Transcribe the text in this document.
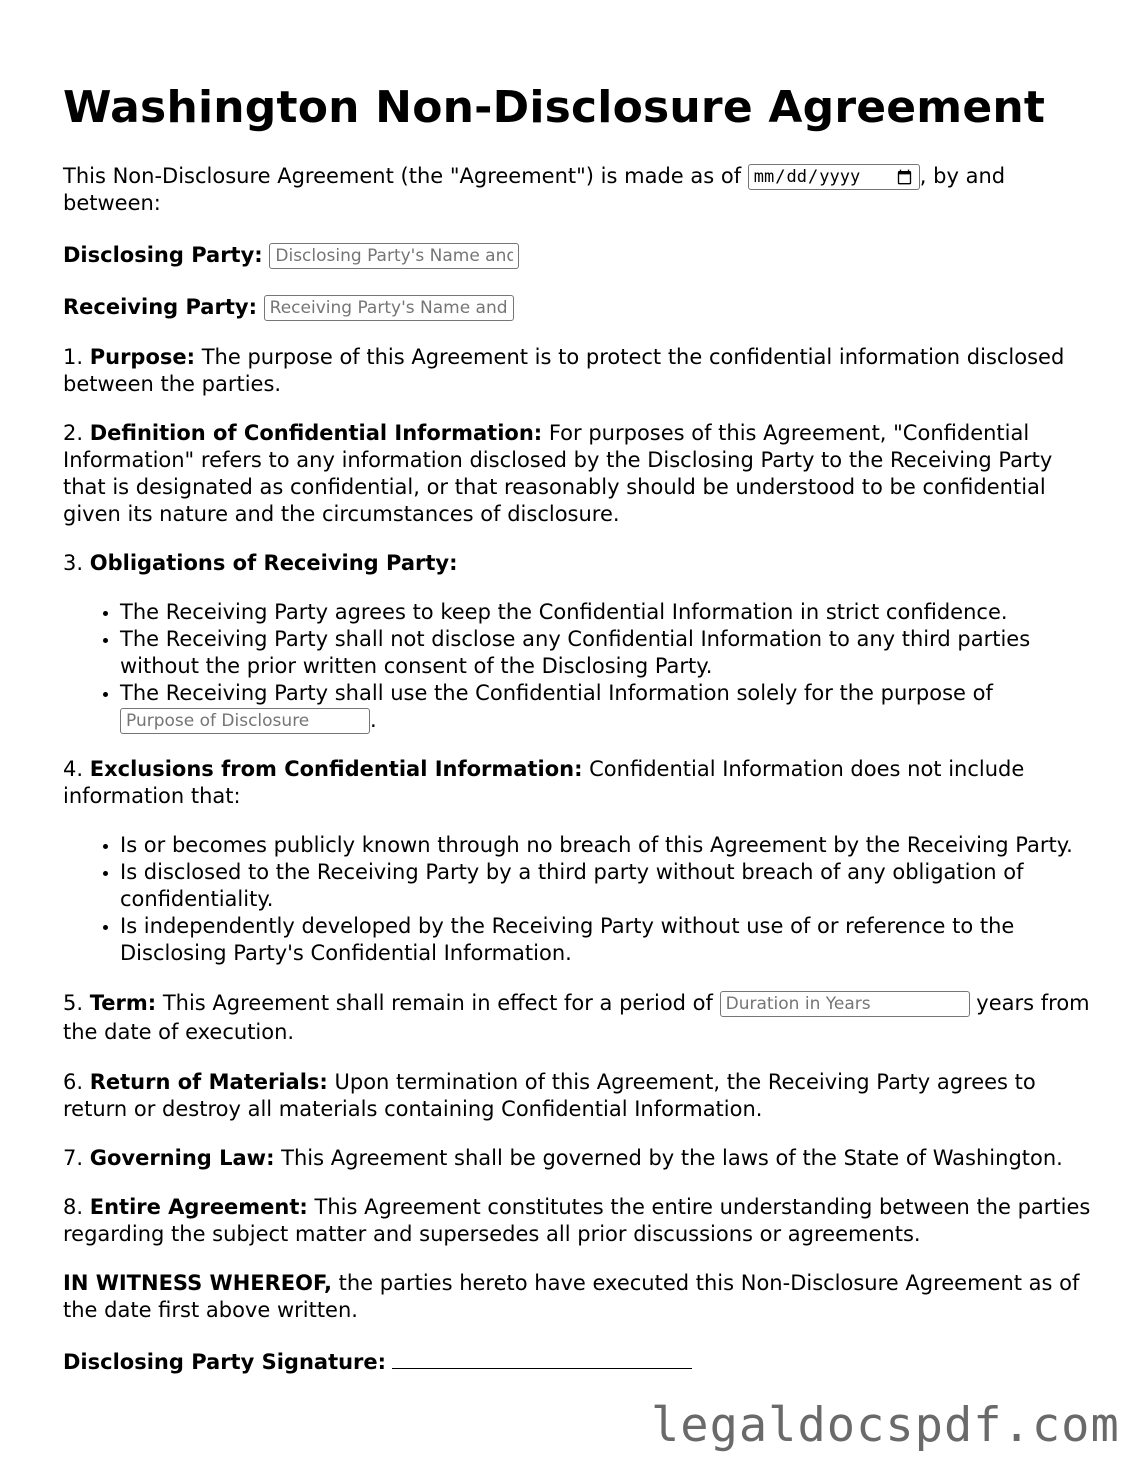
Washington Non-Disclosure Agreement

This Non-Disclosure Agreement (the "Agreement") is made as of	, by and between:

Disclosing Party: Disclosing Party's Name and Address

Receiving Party: Receiving Party's Name and Address

1. Purpose: The purpose of this Agreement is to protect the confidential information disclosed between the parties.

2. Definition of Confidential Information: For purposes of this Agreement, "Confidential Information" refers to any information disclosed by the Disclosing Party to the Receiving Party that is designated as confidential, or that reasonably should be understood to be confidential given its nature and the circumstances of disclosure.

3. Obligations of Receiving Party:

• The Receiving Party agrees to keep the Confidential Information in strict confidence.
• The Receiving Party shall not disclose any Confidential Information to any third parties without the prior written consent of the Disclosing Party.
• The Receiving Party shall use the Confidential Information solely for the purpose of Purpose of Disclosure.

4. Exclusions from Confidential Information: Confidential Information does not include information that:

• Is or becomes publicly known through no breach of this Agreement by the Receiving Party.
• Is disclosed to the Receiving Party by a third party without breach of any obligation of confidentiality.
• Is independently developed by the Receiving Party without use of or reference to the Disclosing Party's Confidential Information.

5. Term: This Agreement shall remain in effect for a period of Duration in Years	years from the date of execution.

6. Return of Materials: Upon termination of this Agreement, the Receiving Party agrees to return or destroy all materials containing Confidential Information.

7. Governing Law: This Agreement shall be governed by the laws of the State of Washington.

8. Entire Agreement: This Agreement constitutes the entire understanding between the parties regarding the subject matter and supersedes all prior discussions or agreements.

IN WITNESS WHEREOF, the parties hereto have executed this Non-Disclosure Agreement as of the date first above written.

Disclosing Party Signature:

legaldocspdf.com
